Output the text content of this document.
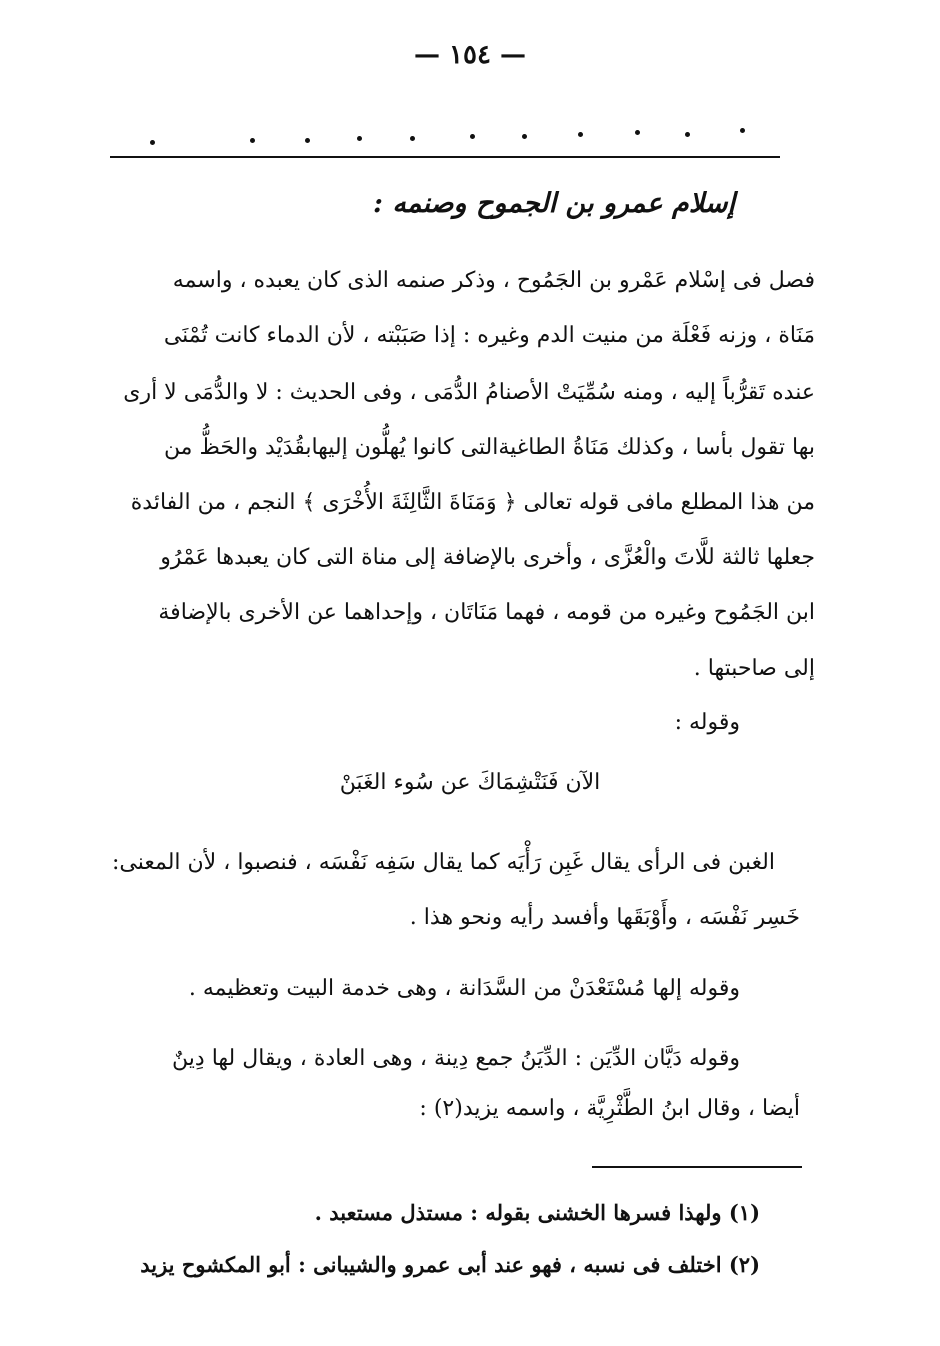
— ١٥٤ —
إسلام عمرو بن الجموح وصنمه :
فصل فى إسْلام عَمْرو بن الجَمُوح ، وذكر صنمه الذى كان يعبده ، واسمه
مَنَاة ، وزنه فَعْلَة من منيت الدم وغيره : إذا صَبَبْته ، لأن الدماء كانت تُمْنَى
عنده تَقرُّباً إليه ، ومنه سُمِّيَتْ الأصنامُ الدُّمَى ، وفى الحديث : لا والدُّمَى لا أرى
بها تقول بأسا ، وكذلك مَنَاةُ الطاغيةالتى كانوا يُهلُّون إليهابقُدَيْد والحَظُّ من
من هذا المطلع مافى قوله تعالى ﴿ وَمَنَاةَ الثَّالِثَةَ الأُخْرَى ﴾ النجم ، من الفائدة
جعلها ثالثة للَّاتَ والْعُزَّى ، وأخرى بالإضافة إلى مناة التى كان يعبدها عَمْرُو
ابن الجَمُوح وغيره من قومه ، فهما مَنَاتَان ، وإحداهما عن الأخرى بالإضافة
إلى صاحبتها .
وقوله :
الآن فَنَتْشِمَاكَ عن سُوء الغَبَنْ
الغبن فى الرأى يقال غَبِن رَأْيَه كما يقال سَفِه نَفْسَه ، فنصبوا ، لأن المعنى:
خَسِر نَفْسَه ، وأَوْبَقَها وأفسد رأيه ونحو هذا .
وقوله إلها مُسْتَعْدَنْ من السَّدَانة ، وهى خدمة البيت وتعظيمه .
وقوله دَيَّان الدِّيَن : الدِّيَنُ جمع دِينة ، وهى العادة ، ويقال لها دِينٌ
أيضا ، وقال ابنُ الطَّثْرِيَّة ، واسمه يزيد(٢) :
(١) ولهذا فسرها الخشنى بقوله : مستذل مستعبد .
(٢) اختلف فى نسبه ، فهو عند أبى عمرو والشيبانى : أبو المكشوح يزيد
